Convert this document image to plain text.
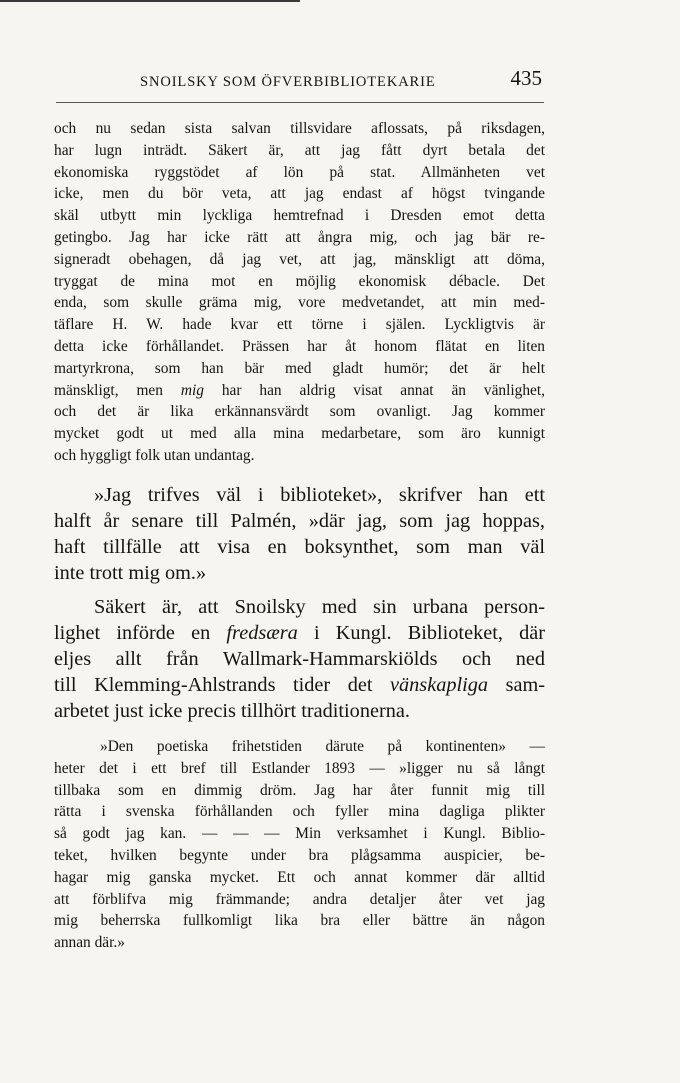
SNOILSKY SOM ÖFVERBIBLIOTEKARIE	435
och nu sedan sista salvan tillsvidare aflossats, på riksdagen,
har lugn inträdt. Säkert är, att jag fått dyrt betala det
ekonomiska ryggstödet af lön på stat. Allmänheten vet
icke, men du bör veta, att jag endast af högst tvingande
skäl utbytt min lyckliga hemtrefnad i Dresden emot detta
getingbo. Jag har icke rätt att ångra mig, och jag bär re-
signeradt obehagen, då jag vet, att jag, mänskligt att döma,
tryggat de mina mot en möjlig ekonomisk débacle. Det
enda, som skulle gräma mig, vore medvetandet, att min med-
täflare H. W. hade kvar ett törne i själen. Lyckligtvis är
detta icke förhållandet. Prässen har åt honom flätat en liten
martyrkrona, som han bär med gladt humör; det är helt
mänskligt, men mig har han aldrig visat annat än vänlighet,
och det är lika erkännansvärdt som ovanligt. Jag kommer
mycket godt ut med alla mina medarbetare, som äro kunnigt
och hyggligt folk utan undantag.
»Jag trifves väl i biblioteket», skrifver han ett
halft år senare till Palmén, »där jag, som jag hoppas,
haft tillfälle att visa en boksynthet, som man väl
inte trott mig om.»
Säkert är, att Snoilsky med sin urbana person-
lighet införde en fredsæra i Kungl. Biblioteket, där
eljes allt från Wallmark-Hammarskiölds och ned
till Klemming-Ahlstrands tider det vänskapliga sam-
arbetet just icke precis tillhört traditionerna.
»Den poetiska frihetstiden därute på kontinenten» —
heter det i ett bref till Estlander 1893 — »ligger nu så långt
tillbaka som en dimmig dröm. Jag har åter funnit mig till
rätta i svenska förhållanden och fyller mina dagliga plikter
så godt jag kan. — — — Min verksamhet i Kungl. Biblio-
teket, hvilken begynte under bra plågsamma auspicier, be-
hagar mig ganska mycket. Ett och annat kommer där alltid
att förblifva mig främmande; andra detaljer åter vet jag
mig beherrska fullkomligt lika bra eller bättre än någon
annan där.»
